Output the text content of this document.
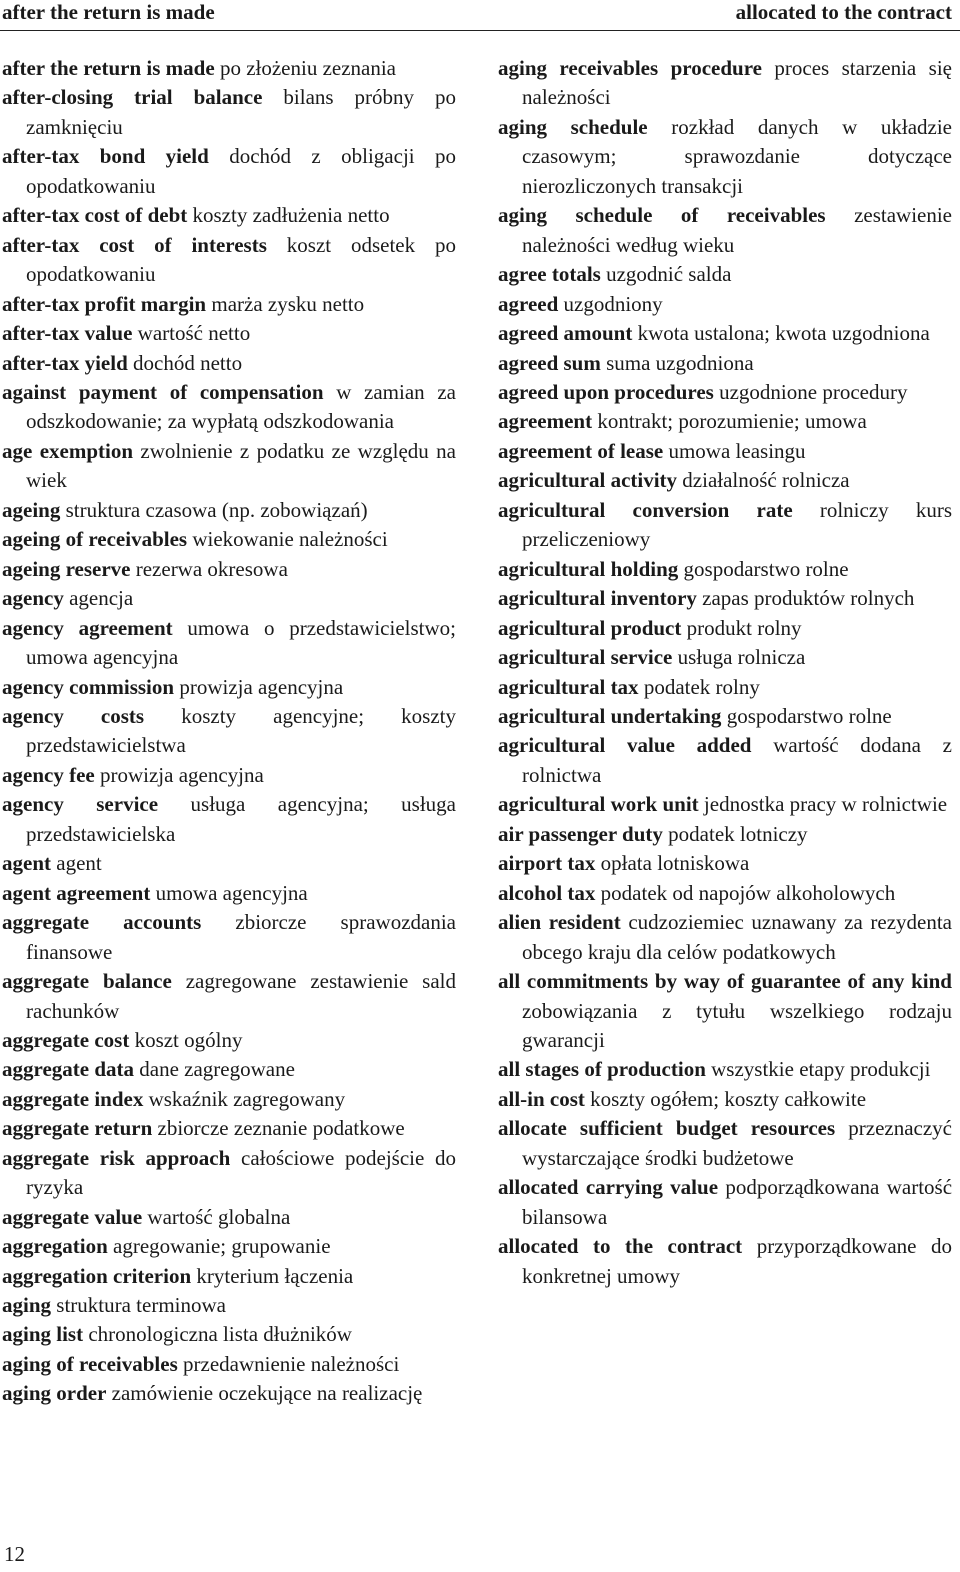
after the return is made	allocated to the contract

after the return is made po złożeniu zeznania

after-closing trial balance bilans próbny po zamknięciu

after-tax bond yield dochód z obligacji po opodatkowaniu

after-tax cost of debt koszty zadłużenia netto

after-tax cost of interests koszt odsetek po opodatkowaniu

after-tax profit margin marża zysku netto

after-tax value wartość netto

after-tax yield dochód netto

against payment of compensation w zamian za odszkodowanie; za wypłatą odszkodowania

age exemption zwolnienie z podatku ze względu na wiek

ageing struktura czasowa (np. zobowiązań)

ageing of receivables wiekowanie należności

ageing reserve rezerwa okresowa

agency agencja

agency agreement umowa o przedstawicielstwo; umowa agencyjna

agency commission prowizja agencyjna

agency costs koszty agencyjne; koszty przedstawicielstwa

agency fee prowizja agencyjna

agency service usługa agencyjna; usługa przedstawicielska

agent agent

agent agreement umowa agencyjna

aggregate accounts zbiorcze sprawozdania finansowe

aggregate balance zagregowane zestawienie sald rachunków

aggregate cost koszt ogólny

aggregate data dane zagregowane

aggregate index wskaźnik zagregowany

aggregate return zbiorcze zeznanie podatkowe

aggregate risk approach całościowe podejście do ryzyka

aggregate value wartość globalna

aggregation agregowanie; grupowanie

aggregation criterion kryterium łączenia

aging struktura terminowa

aging list chronologiczna lista dłużników

aging of receivables przedawnienie należności

aging order zamówienie oczekujące na realizację

aging receivables procedure proces starzenia się należności

aging schedule rozkład danych w układzie czasowym; sprawozdanie dotyczące nierozliczonych transakcji

aging schedule of receivables zestawienie należności według wieku

agree totals uzgodnić salda

agreed uzgodniony

agreed amount kwota ustalona; kwota uzgodniona

agreed sum suma uzgodniona

agreed upon procedures uzgodnione procedury

agreement kontrakt; porozumienie; umowa

agreement of lease umowa leasingu

agricultural activity działalność rolnicza

agricultural conversion rate rolniczy kurs przeliczeniowy

agricultural holding gospodarstwo rolne

agricultural inventory zapas produktów rolnych

agricultural product produkt rolny

agricultural service usługa rolnicza

agricultural tax podatek rolny

agricultural undertaking gospodarstwo rolne

agricultural value added wartość dodana z rolnictwa

agricultural work unit jednostka pracy w rolnictwie

air passenger duty podatek lotniczy

airport tax opłata lotniskowa

alcohol tax podatek od napojów alkoholowych

alien resident cudzoziemiec uznawany za rezydenta obcego kraju dla celów podatkowych

all commitments by way of guarantee of any kind zobowiązania z tytułu wszelkiego rodzaju gwarancji

all stages of production wszystkie etapy produkcji

all-in cost koszty ogółem; koszty całkowite

allocate sufficient budget resources przeznaczyć wystarczające środki budżetowe

allocated carrying value podporządkowana wartość bilansowa

allocated to the contract przyporządkowane do konkretnej umowy

12
